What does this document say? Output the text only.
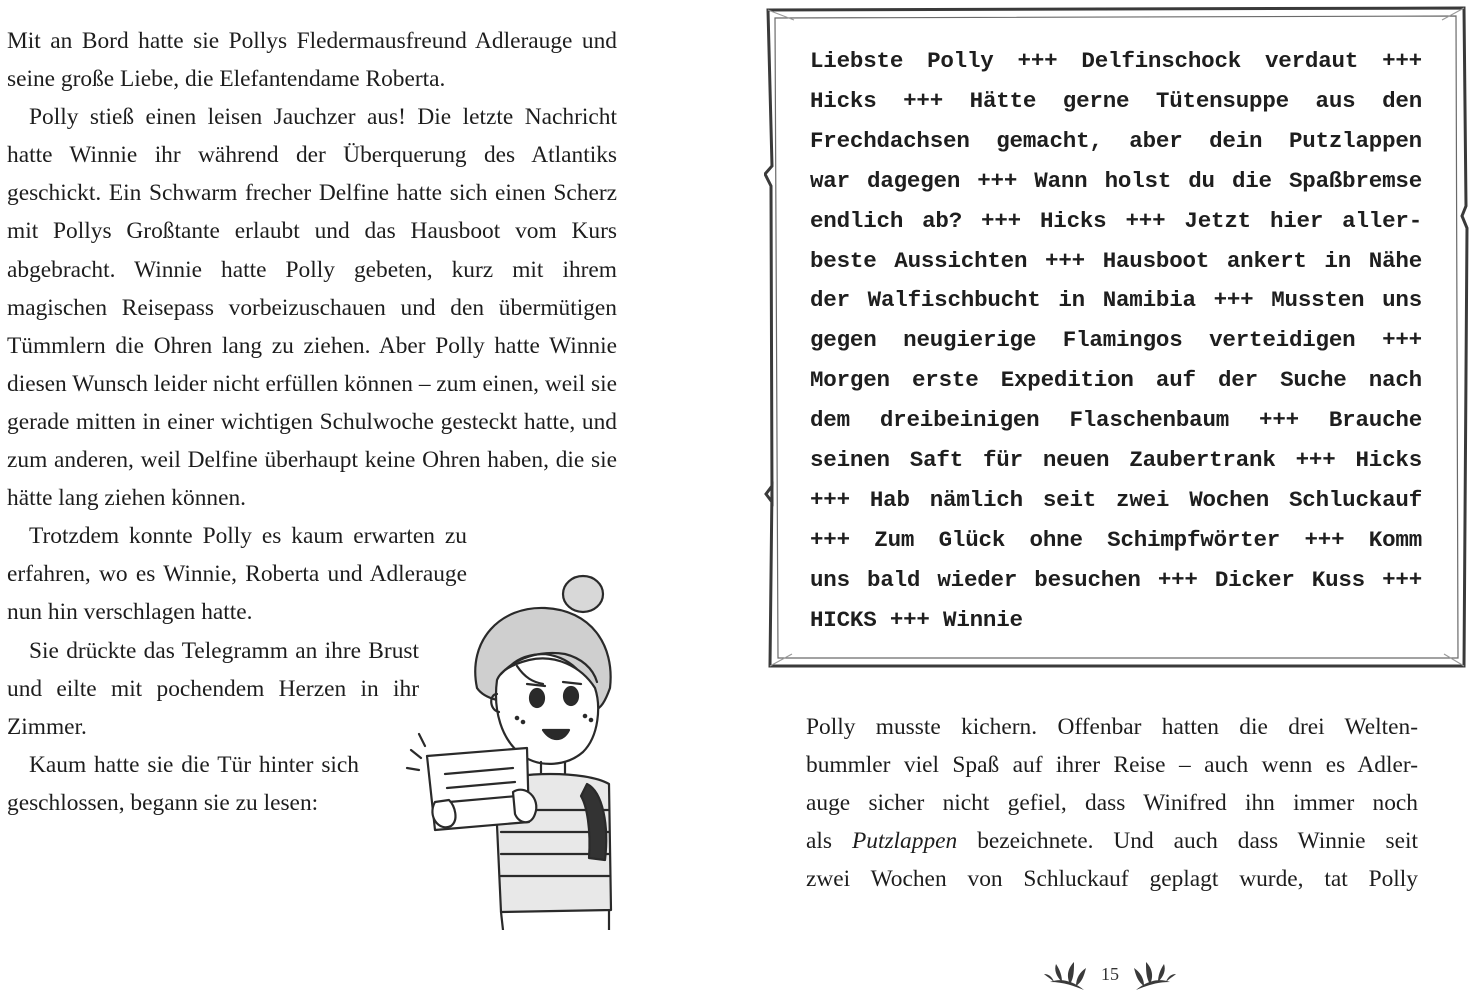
Mit an Bord hatte sie Pollys Fledermausfreund Adlerauge und seine große Liebe, die Elefantendame Roberta.

Polly stieß einen leisen Jauchzer aus! Die letzte Nachricht hatte Winnie ihr während der Überquerung des Atlantiks geschickt. Ein Schwarm frecher Delfine hatte sich einen Scherz mit Pollys Großtante erlaubt und das Hausboot vom Kurs abgebracht. Winnie hatte Polly gebeten, kurz mit ihrem magischen Reisepass vorbeizuschauen und den übermütigen Tümmlern die Ohren lang zu ziehen. Aber Polly hatte Winnie diesen Wunsch leider nicht erfüllen können – zum einen, weil sie gerade mitten in einer wichtigen Schulwoche gesteckt hatte, und zum anderen, weil Delfine überhaupt keine Ohren haben, die sie hätte lang ziehen können.

Trotzdem konnte Polly es kaum erwarten zu erfahren, wo es Winnie, Roberta und Adlerauge nun hin verschlagen hatte.

Sie drückte das Telegramm an ihre Brust und eilte mit pochendem Herzen in ihr Zimmer.

Kaum hatte sie die Tür hinter sich geschlossen, begann sie zu lesen:

Liebste Polly +++ Delfinschock verdaut +++
Hicks +++ Hätte gerne Tütensuppe aus den
Frechdachsen gemacht, aber dein Putzlappen
war dagegen +++ Wann holst du die Spaßbremse
endlich ab? +++ Hicks +++ Jetzt hier aller-
beste Aussichten +++ Hausboot ankert in Nähe
der Walfischbucht in Namibia +++ Mussten uns
gegen neugierige Flamingos verteidigen +++
Morgen erste Expedition auf der Suche nach
dem dreibeinigen Flaschenbaum +++ Brauche
seinen Saft für neuen Zaubertrank +++ Hicks
+++ Hab nämlich seit zwei Wochen Schluckauf
+++ Zum Glück ohne Schimpfwörter +++ Komm
uns bald wieder besuchen +++ Dicker Kuss +++
HICKS +++ Winnie

Polly musste kichern. Offenbar hatten die drei Welten-
bummler viel Spaß auf ihrer Reise – auch wenn es Adler-
auge sicher nicht gefiel, dass Winifred ihn immer noch
als Putzlappen bezeichnete. Und auch dass Winnie seit
zwei Wochen von Schluckauf geplagt wurde, tat Polly

15
